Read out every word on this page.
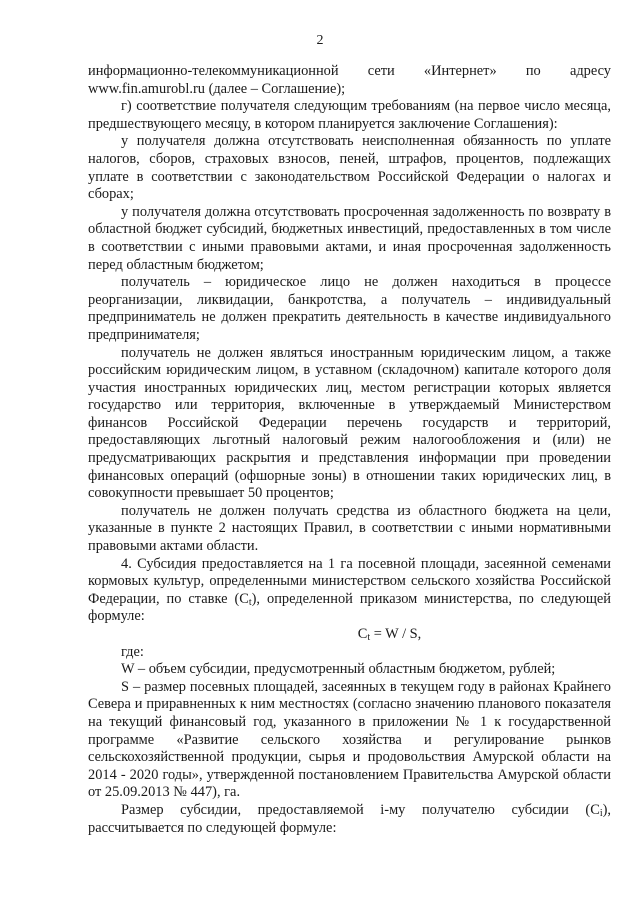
2

информационно-телекоммуникационной сети «Интернет» по адресу www.fin.amurobl.ru (далее – Соглашение);

г) соответствие получателя следующим требованиям (на первое число месяца, предшествующего месяцу, в котором планируется заключение Соглашения):

у получателя должна отсутствовать неисполненная обязанность по уплате налогов, сборов, страховых взносов, пеней, штрафов, процентов, подлежащих уплате в соответствии с законодательством Российской Федерации о налогах и сборах;

у получателя должна отсутствовать просроченная задолженность по возврату в областной бюджет субсидий, бюджетных инвестиций, предоставленных в том числе в соответствии с иными правовыми актами, и иная просроченная задолженность перед областным бюджетом;

получатель – юридическое лицо не должен находиться в процессе реорганизации, ликвидации, банкротства, а получатель – индивидуальный предприниматель не должен прекратить деятельность в качестве индивидуального предпринимателя;

получатель не должен являться иностранным юридическим лицом, а также российским юридическим лицом, в уставном (складочном) капитале которого доля участия иностранных юридических лиц, местом регистрации которых является государство или территория, включенные в утверждаемый Министерством финансов Российской Федерации перечень государств и территорий, предоставляющих льготный налоговый режим налогообложения и (или) не предусматривающих раскрытия и представления информации при проведении финансовых операций (офшорные зоны) в отношении таких юридических лиц, в совокупности превышает 50 процентов;

получатель не должен получать средства из областного бюджета на цели, указанные в пункте 2 настоящих Правил, в соответствии с иными нормативными правовыми актами области.

4. Субсидия предоставляется на 1 га посевной площади, засеянной семенами кормовых культур, определенными министерством сельского хозяйства Российской Федерации, по ставке $(С_t)$, определенной приказом министерства, по следующей формуле:

$С_t = W / S$,

где:

W – объем субсидии, предусмотренный областным бюджетом, рублей;

S – размер посевных площадей, засеянных в текущем году в районах Крайнего Севера и приравненных к ним местностях (согласно значению планового показателя на текущий финансовый год, указанного в приложении № 1 к государственной программе «Развитие сельского хозяйства и регулирование рынков сельскохозяйственной продукции, сырья и продовольствия Амурской области на 2014 - 2020 годы», утвержденной постановлением Правительства Амурской области от 25.09.2013 № 447), га.

Размер субсидии, предоставляемой i-му получателю субсидии $(С_i)$, рассчитывается по следующей формуле:
